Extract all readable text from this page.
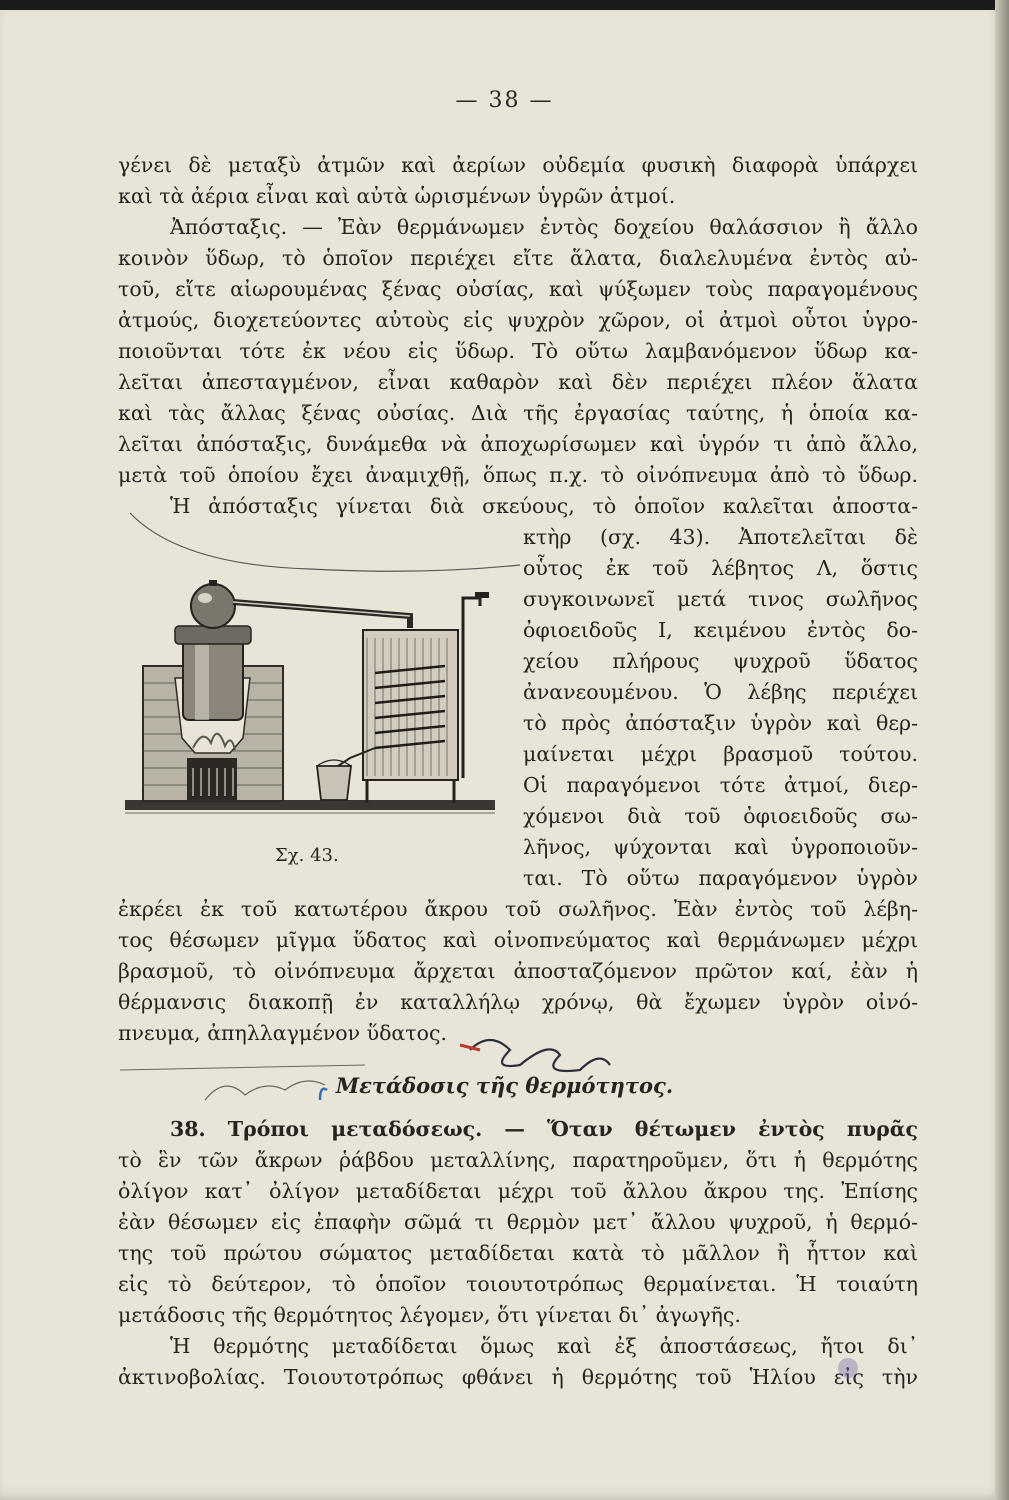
— 38 —
γένει δὲ μεταξὺ ἀτμῶν καὶ ἀερίων οὐδεμία φυσικὴ διαφορὰ ὑπάρχει
καὶ τὰ ἀέρια εἶναι καὶ αὐτὰ ὡρισμένων ὑγρῶν ἀτμοί.
Ἀπόσταξις. — Ἐὰν θερμάνωμεν ἐντὸς δοχείου θαλάσσιον ἢ ἄλλο
κοινὸν ὕδωρ, τὸ ὁποῖον περιέχει εἴτε ἅλατα, διαλελυμένα ἐντὸς αὐ-
τοῦ, εἴτε αἰωρουμένας ξένας οὐσίας, καὶ ψύξωμεν τοὺς παραγομένους
ἀτμούς, διοχετεύοντες αὐτοὺς εἰς ψυχρὸν χῶρον, οἱ ἀτμοὶ οὗτοι ὑγρο-
ποιοῦνται τότε ἐκ νέου εἰς ὕδωρ. Τὸ οὕτω λαμβανόμενον ὕδωρ κα-
λεῖται ἀπεσταγμένον, εἶναι καθαρὸν καὶ δὲν περιέχει πλέον ἅλατα
καὶ τὰς ἄλλας ξένας οὐσίας. Διὰ τῆς ἐργασίας ταύτης, ἡ ὁποία κα-
λεῖται ἀπόσταξις, δυνάμεθα νὰ ἀποχωρίσωμεν καὶ ὑγρόν τι ἀπὸ ἄλλο,
μετὰ τοῦ ὁποίου ἔχει ἀναμιχθῇ, ὅπως π.χ. τὸ οἰνόπνευμα ἀπὸ τὸ ὕδωρ.
Ἡ ἀπόσταξις γίνεται διὰ σκεύους, τὸ ὁποῖον καλεῖται ἀποστα-
κτὴρ (σχ. 43). Ἀποτελεῖται δὲ
οὗτος ἐκ τοῦ λέβητος Λ, ὅστις
συγκοινωνεῖ μετά τινος σωλῆνος
ὀφιοειδοῦς Ι, κειμένου ἐντὸς δο-
χείου πλήρους ψυχροῦ ὕδατος
ἀνανεουμένου. Ὁ λέβης περιέχει
τὸ πρὸς ἀπόσταξιν ὑγρὸν καὶ θερ-
μαίνεται μέχρι βρασμοῦ τούτου.
Οἱ παραγόμενοι τότε ἀτμοί, διερ-
χόμενοι διὰ τοῦ ὀφιοειδοῦς σω-
λῆνος, ψύχονται καὶ ὑγροποιοῦν-
ται. Τὸ οὕτω παραγόμενον ὑγρὸν
Σχ. 43.
ἐκρέει ἐκ τοῦ κατωτέρου ἄκρου τοῦ σωλῆνος. Ἐὰν ἐντὸς τοῦ λέβη-
τος θέσωμεν μῖγμα ὕδατος καὶ οἰνοπνεύματος καὶ θερμάνωμεν μέχρι
βρασμοῦ, τὸ οἰνόπνευμα ἄρχεται ἀποσταζόμενον πρῶτον καί, ἐὰν ἡ
θέρμανσις διακοπῇ ἐν καταλλήλῳ χρόνῳ, θὰ ἔχωμεν ὑγρὸν οἰνό-
πνευμα, ἀπηλλαγμένον ὕδατος.
Μετάδοσις τῆς θερμότητος.
38. Τρόποι μεταδόσεως. — Ὅταν θέτωμεν ἐντὸς πυρᾶς
τὸ ἓν τῶν ἄκρων ῥάβδου μεταλλίνης, παρατηροῦμεν, ὅτι ἡ θερμότης
ὀλίγον κατ᾽ ὀλίγον μεταδίδεται μέχρι τοῦ ἄλλου ἄκρου της. Ἐπίσης
ἐὰν θέσωμεν εἰς ἐπαφὴν σῶμά τι θερμὸν μετ᾽ ἄλλου ψυχροῦ, ἡ θερμό-
της τοῦ πρώτου σώματος μεταδίδεται κατὰ τὸ μᾶλλον ἢ ἧττον καὶ
εἰς τὸ δεύτερον, τὸ ὁποῖον τοιουτοτρόπως θερμαίνεται. Ἡ τοιαύτη
μετάδοσις τῆς θερμότητος λέγομεν, ὅτι γίνεται δι᾽ ἀγωγῆς.
Ἡ θερμότης μεταδίδεται ὅμως καὶ ἐξ ἀποστάσεως, ἤτοι δι᾽
ἀκτινοβολίας. Τοιουτοτρόπως φθάνει ἡ θερμότης τοῦ Ἡλίου εἰς τὴν
